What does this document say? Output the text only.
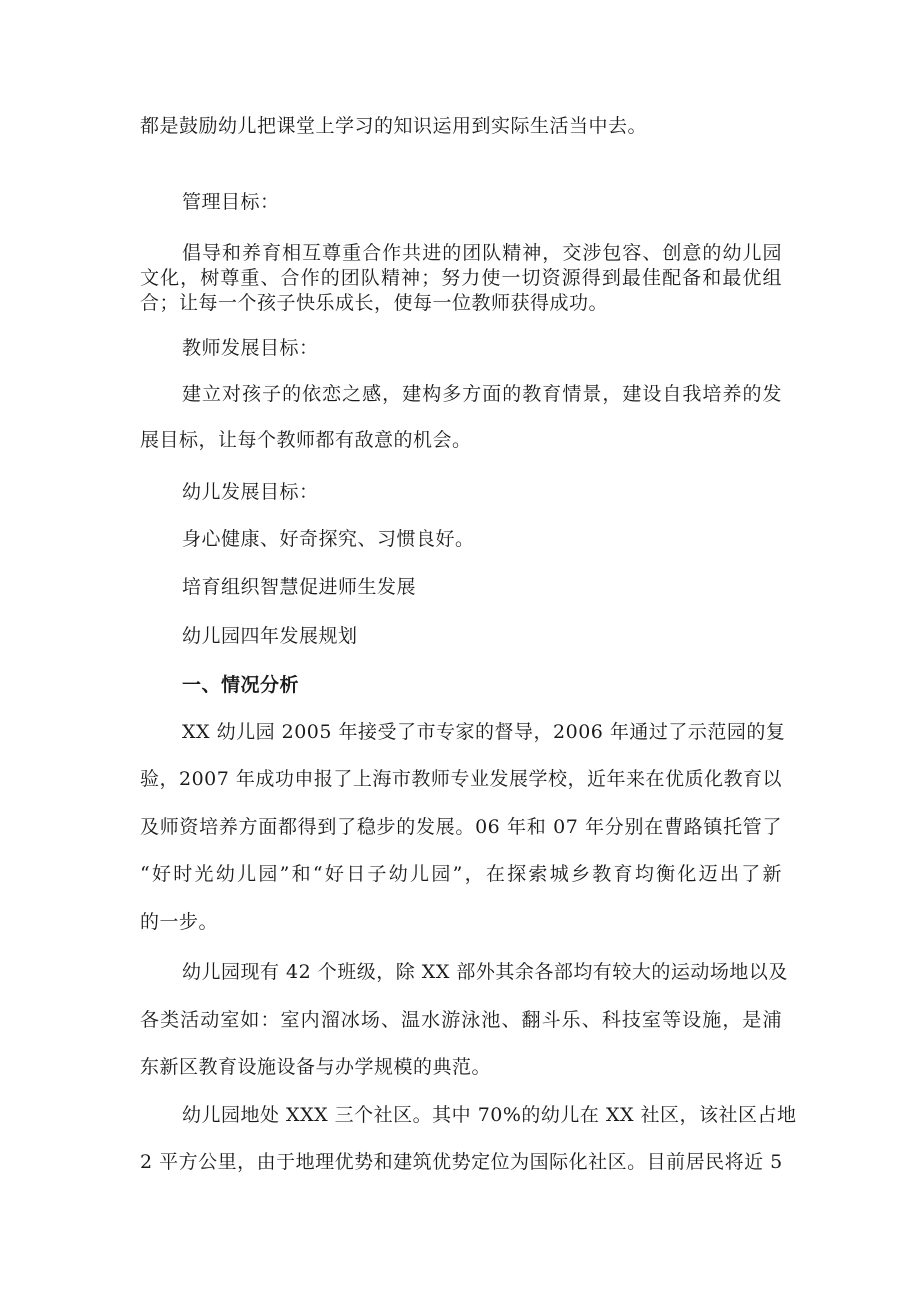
都是鼓励幼儿把课堂上学习的知识运用到实际生活当中去。
管理目标：
倡导和养育相互尊重合作共进的团队精神，交涉包容、创意的幼儿园
文化，树尊重、合作的团队精神；努力使一切资源得到最佳配备和最优组
合；让每一个孩子快乐成长，使每一位教师获得成功。
教师发展目标：
建立对孩子的依恋之感，建构多方面的教育情景，建设自我培养的发
展目标，让每个教师都有敌意的机会。
幼儿发展目标：
身心健康、好奇探究、习惯良好。
培育组织智慧促进师生发展
幼儿园四年发展规划
一、情况分析
XX 幼儿园 2005 年接受了市专家的督导，2006 年通过了示范园的复
验，2007 年成功申报了上海市教师专业发展学校，近年来在优质化教育以
及师资培养方面都得到了稳步的发展。06 年和 07 年分别在曹路镇托管了
“好时光幼儿园”和“好日子幼儿园”，在探索城乡教育均衡化迈出了新
的一步。
幼儿园现有 42 个班级，除 XX 部外其余各部均有较大的运动场地以及
各类活动室如：室内溜冰场、温水游泳池、翻斗乐、科技室等设施，是浦
东新区教育设施设备与办学规模的典范。
幼儿园地处 XXX 三个社区。其中 70%的幼儿在 XX 社区，该社区占地
2 平方公里，由于地理优势和建筑优势定位为国际化社区。目前居民将近 5
